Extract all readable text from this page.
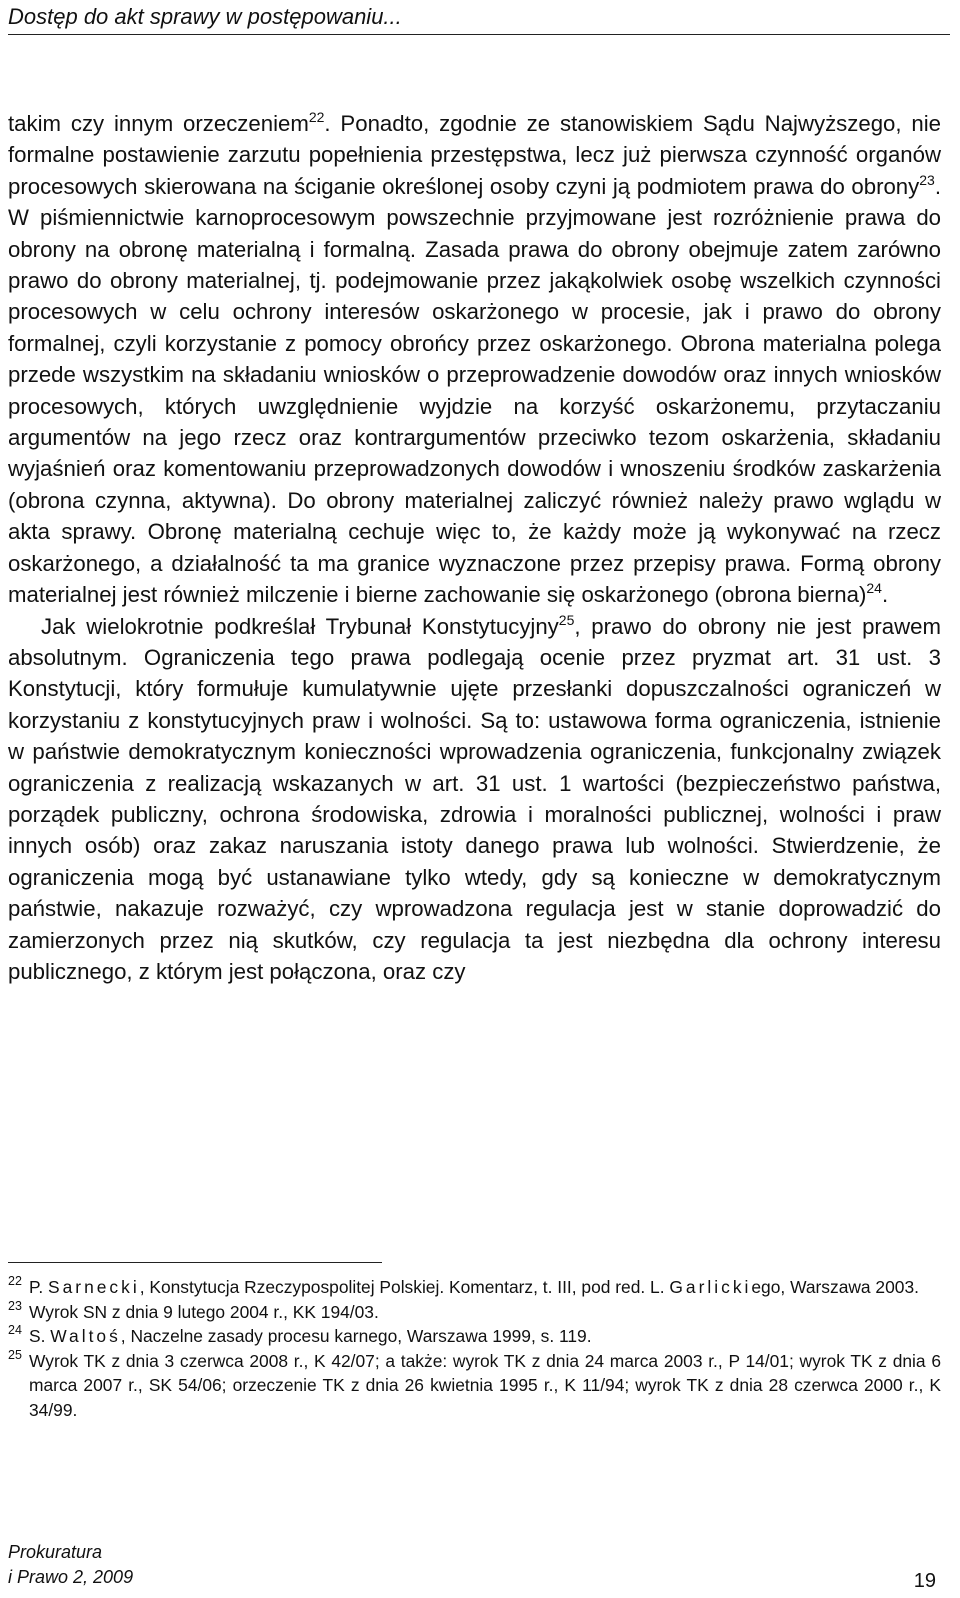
Dostęp do akt sprawy w postępowaniu...

takim czy innym orzeczeniem$^{22}$. Ponadto, zgodnie ze stanowiskiem Sądu Najwyższego, nie formalne postawienie zarzutu popełnienia przestępstwa, lecz już pierwsza czynność organów procesowych skierowana na ściganie określonej osoby czyni ją podmiotem prawa do obrony$^{23}$. W piśmiennictwie karnoprocesowym powszechnie przyjmowane jest rozróżnienie prawa do obrony na obronę materialną i formalną. Zasada prawa do obrony obejmuje zatem zarówno prawo do obrony materialnej, tj. podejmowanie przez jakąkolwiek osobę wszelkich czynności procesowych w celu ochrony interesów oskarżonego w procesie, jak i prawo do obrony formalnej, czyli korzystanie z pomocy obrońcy przez oskarżonego. Obrona materialna polega przede wszystkim na składaniu wniosków o przeprowadzenie dowodów oraz innych wniosków procesowych, których uwzględnienie wyjdzie na korzyść oskarżonemu, przytaczaniu argumentów na jego rzecz oraz kontrargumentów przeciwko tezom oskarżenia, składaniu wyjaśnień oraz komentowaniu przeprowadzonych dowodów i wnoszeniu środków zaskarżenia (obrona czynna, aktywna). Do obrony materialnej zaliczyć również należy prawo wglądu w akta sprawy. Obronę materialną cechuje więc to, że każdy może ją wykonywać na rzecz oskarżonego, a działalność ta ma granice wyznaczone przez przepisy prawa. Formą obrony materialnej jest również milczenie i bierne zachowanie się oskarżonego (obrona bierna)$^{24}$.

Jak wielokrotnie podkreślał Trybunał Konstytucyjny$^{25}$, prawo do obrony nie jest prawem absolutnym. Ograniczenia tego prawa podlegają ocenie przez pryzmat art. 31 ust. 3 Konstytucji, który formułuje kumulatywnie ujęte przesłanki dopuszczalności ograniczeń w korzystaniu z konstytucyjnych praw i wolności. Są to: ustawowa forma ograniczenia, istnienie w państwie demokratycznym konieczności wprowadzenia ograniczenia, funkcjonalny związek ograniczenia z realizacją wskazanych w art. 31 ust. 1 wartości (bezpieczeństwo państwa, porządek publiczny, ochrona środowiska, zdrowia i moralności publicznej, wolności i praw innych osób) oraz zakaz naruszania istoty danego prawa lub wolności. Stwierdzenie, że ograniczenia mogą być ustanawiane tylko wtedy, gdy są konieczne w demokratycznym państwie, nakazuje rozważyć, czy wprowadzona regulacja jest w stanie doprowadzić do zamierzonych przez nią skutków, czy regulacja ta jest niezbędna dla ochrony interesu publicznego, z którym jest połączona, oraz czy

22 P. Sarnecki, Konstytucja Rzeczypospolitej Polskiej. Komentarz, t. III, pod red. L. Garlickiego, Warszawa 2003.
23 Wyrok SN z dnia 9 lutego 2004 r., KK 194/03.
24 S. Waltoś, Naczelne zasady procesu karnego, Warszawa 1999, s. 119.
25 Wyrok TK z dnia 3 czerwca 2008 r., K 42/07; a także: wyrok TK z dnia 24 marca 2003 r., P 14/01; wyrok TK z dnia 6 marca 2007 r., SK 54/06; orzeczenie TK z dnia 26 kwietnia 1995 r., K 11/94; wyrok TK z dnia 28 czerwca 2000 r., K 34/99.
Prokuratura
i Prawo 2, 2009	19
